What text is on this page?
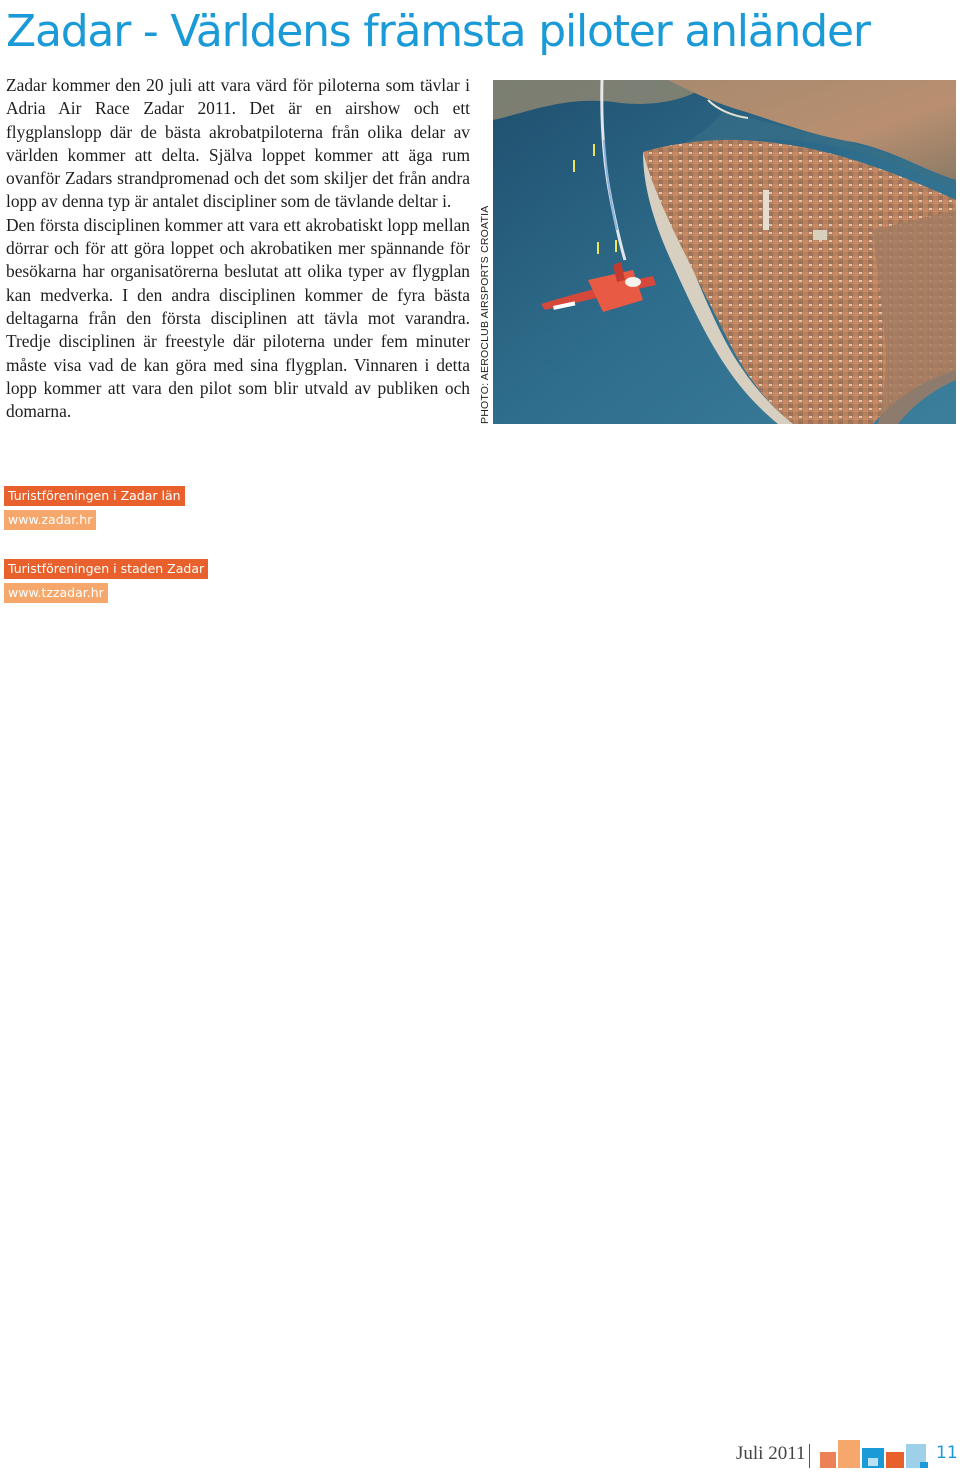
Zadar - Världens främsta piloter anländer

Zadar kommer den 20 juli att vara värd för piloterna som tävlar i Adria Air Race Zadar 2011. Det är en airshow och ett flygplanslopp där de bästa akrobatpiloterna från olika delar av världen kommer att delta. Själva loppet kommer att äga rum ovanför Zadars strandpromenad och det som skiljer det från andra lopp av denna typ är antalet discipliner som de tävlande deltar i.

Den första disciplinen kommer att vara ett akrobatiskt lopp mellan dörrar och för att göra loppet och akrobatiken mer spännande för besökarna har organisatörerna beslutat att olika typer av flygplan kan medverka. I den andra disciplinen kommer de fyra bästa deltagarna från den första disciplinen att tävla mot varandra. Tredje disciplinen är freestyle där piloterna under fem minuter måste visa vad de kan göra med sina flygplan. Vinnaren i detta lopp kommer att vara den pilot som blir utvald av publiken och domarna.	PHOTO: AEROCLUB AIRSPORTS CROATIA
Turistföreningen i Zadar län
www.zadar.hr
Turistföreningen i staden Zadar
www.tzzadar.hr
Juli 2011	11
